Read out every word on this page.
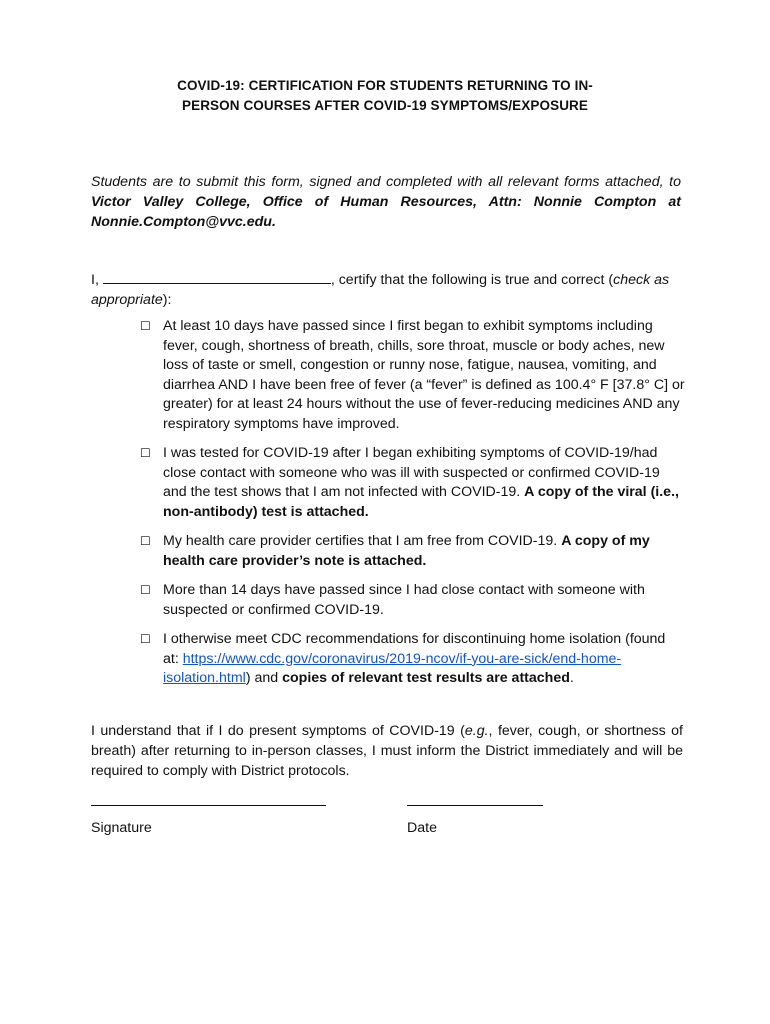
COVID-19: CERTIFICATION FOR STUDENTS RETURNING TO IN-
PERSON COURSES AFTER COVID-19 SYMPTOMS/EXPOSURE
Students are to submit this form, signed and completed with all relevant forms attached, to Victor Valley College, Office of Human Resources, Attn: Nonnie Compton at Nonnie.Compton@vvc.edu.
I,	, certify that the following is true and correct (check as appropriate):
☐ At least 10 days have passed since I first began to exhibit symptoms including fever, cough, shortness of breath, chills, sore throat, muscle or body aches, new loss of taste or smell, congestion or runny nose, fatigue, nausea, vomiting, and diarrhea AND I have been free of fever (a “fever” is defined as 100.4° F [37.8° C] or greater) for at least 24 hours without the use of fever-reducing medicines AND any respiratory symptoms have improved.
☐ I was tested for COVID-19 after I began exhibiting symptoms of COVID-19/had close contact with someone who was ill with suspected or confirmed COVID-19 and the test shows that I am not infected with COVID-19. A copy of the viral (i.e., non-antibody) test is attached.
☐ My health care provider certifies that I am free from COVID-19. A copy of my health care provider’s note is attached.
☐ More than 14 days have passed since I had close contact with someone with suspected or confirmed COVID-19.
☐ I otherwise meet CDC recommendations for discontinuing home isolation (found at: https://www.cdc.gov/coronavirus/2019-ncov/if-you-are-sick/end-home-isolation.html) and copies of relevant test results are attached.
I understand that if I do present symptoms of COVID-19 (e.g., fever, cough, or shortness of breath) after returning to in-person classes, I must inform the District immediately and will be required to comply with District protocols.
Signature	Date
